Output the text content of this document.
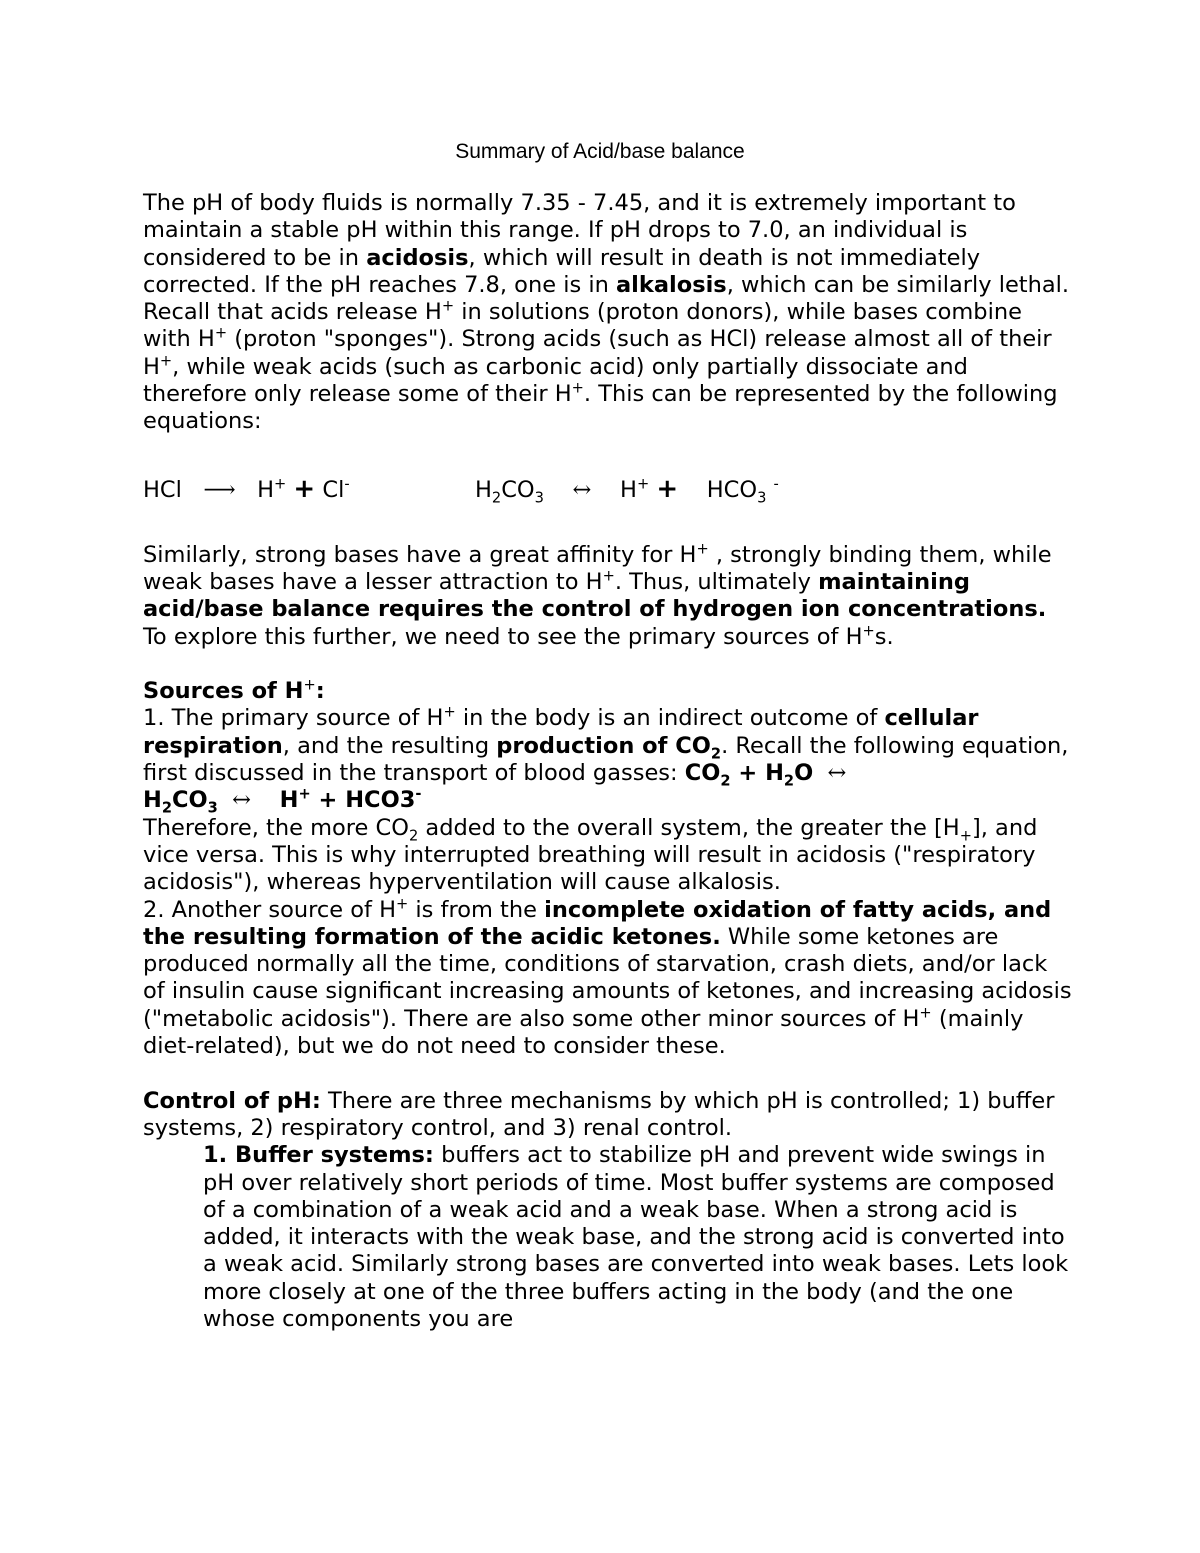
Summary of Acid/base balance

The pH of body fluids is normally 7.35 - 7.45, and it is extremely important to maintain a stable pH within this range. If pH drops to 7.0, an individual is considered to be in acidosis, which will result in death is not immediately corrected. If the pH reaches 7.8, one is in alkalosis, which can be similarly lethal.

Recall that acids release H+ in solutions (proton donors), while bases combine with H+ (proton "sponges"). Strong acids (such as HCl) release almost all of their H+, while weak acids (such as carbonic acid) only partially dissociate and therefore only release some of their H+. This can be represented by the following equations:

HCl ⟶ H+ + Cl-	$H_2CO_3$ ↔ $H^+ + HCO_3$ -

Similarly, strong bases have a great affinity for H+ , strongly binding them, while weak bases have a lesser attraction to H+. Thus, ultimately maintaining acid/base balance requires the control of hydrogen ion concentrations. To explore this further, we need to see the primary sources of H+s.

Sources of H+:

1. The primary source of H+ in the body is an indirect outcome of cellular respiration, and the resulting production of $CO_2$. Recall the following equation, first discussed in the transport of blood gasses: $CO_2 + H_2O$ ↔
$H_2CO_3$ ↔ H+ + HCO3-
Therefore, the more $CO_2$ added to the overall system, the greater the $[H_+]$, and vice versa. This is why interrupted breathing will result in acidosis ("respiratory acidosis"), whereas hyperventilation will cause alkalosis.

2. Another source of H+ is from the incomplete oxidation of fatty acids, and the resulting formation of the acidic ketones. While some ketones are produced normally all the time, conditions of starvation, crash diets, and/or lack of insulin cause significant increasing amounts of ketones, and increasing acidosis ("metabolic acidosis"). There are also some other minor sources of H+ (mainly diet-related), but we do not need to consider these.

Control of pH: There are three mechanisms by which pH is controlled; 1) buffer systems, 2) respiratory control, and 3) renal control.

1. Buffer systems: buffers act to stabilize pH and prevent wide swings in pH over relatively short periods of time. Most buffer systems are composed of a combination of a weak acid and a weak base. When a strong acid is added, it interacts with the weak base, and the strong acid is converted into a weak acid. Similarly strong bases are converted into weak bases. Lets look more closely at one of the three buffers acting in the body (and the one whose components you are
